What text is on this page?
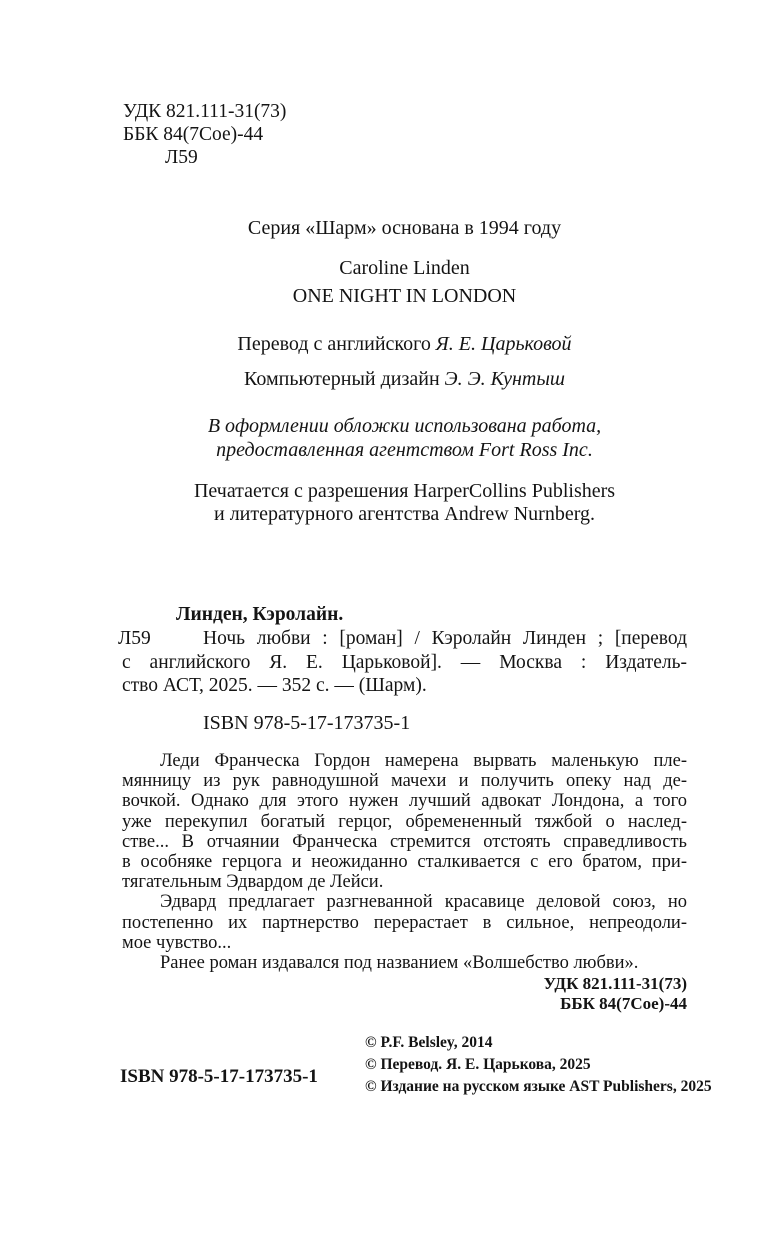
УДК 821.111-31(73)
ББК 84(7Сое)-44
Л59
Серия «Шарм» основана в 1994 году
Caroline Linden
ONE NIGHT IN LONDON
Перевод с английского Я. Е. Царьковой
Компьютерный дизайн Э. Э. Кунтыш
В оформлении обложки использована работа,
предоставленная агентством Fort Ross Inc.
Печатается с разрешения HarperCollins Publishers
и литературного агентства Andrew Nurnberg.
Линден, Кэролайн.
Л59	Ночь любви : [роман] / Кэролайн Линден ; [перевод
с английского Я. Е. Царьковой]. — Москва : Издатель-
ство АСТ, 2025. — 352 с. — (Шарм).
ISBN 978-5-17-173735-1
Леди Франческа Гордон намерена вырвать маленькую пле-
мянницу из рук равнодушной мачехи и получить опеку над де-
вочкой. Однако для этого нужен лучший адвокат Лондона, а того
уже перекупил богатый герцог, обремененный тяжбой о наслед-
стве... В отчаянии Франческа стремится отстоять справедливость
в особняке герцога и неожиданно сталкивается с его братом, при-
тягательным Эдвардом де Лейси.
Эдвард предлагает разгневанной красавице деловой союз, но
постепенно их партнерство перерастает в сильное, непреодоли-
мое чувство...
Ранее роман издавался под названием «Волшебство любви».
УДК 821.111-31(73)
ББК 84(7Сое)-44
ISBN 978-5-17-173735-1
© P.F. Belsley, 2014
© Перевод. Я. Е. Царькова, 2025
© Издание на русском языке AST Publishers, 2025
